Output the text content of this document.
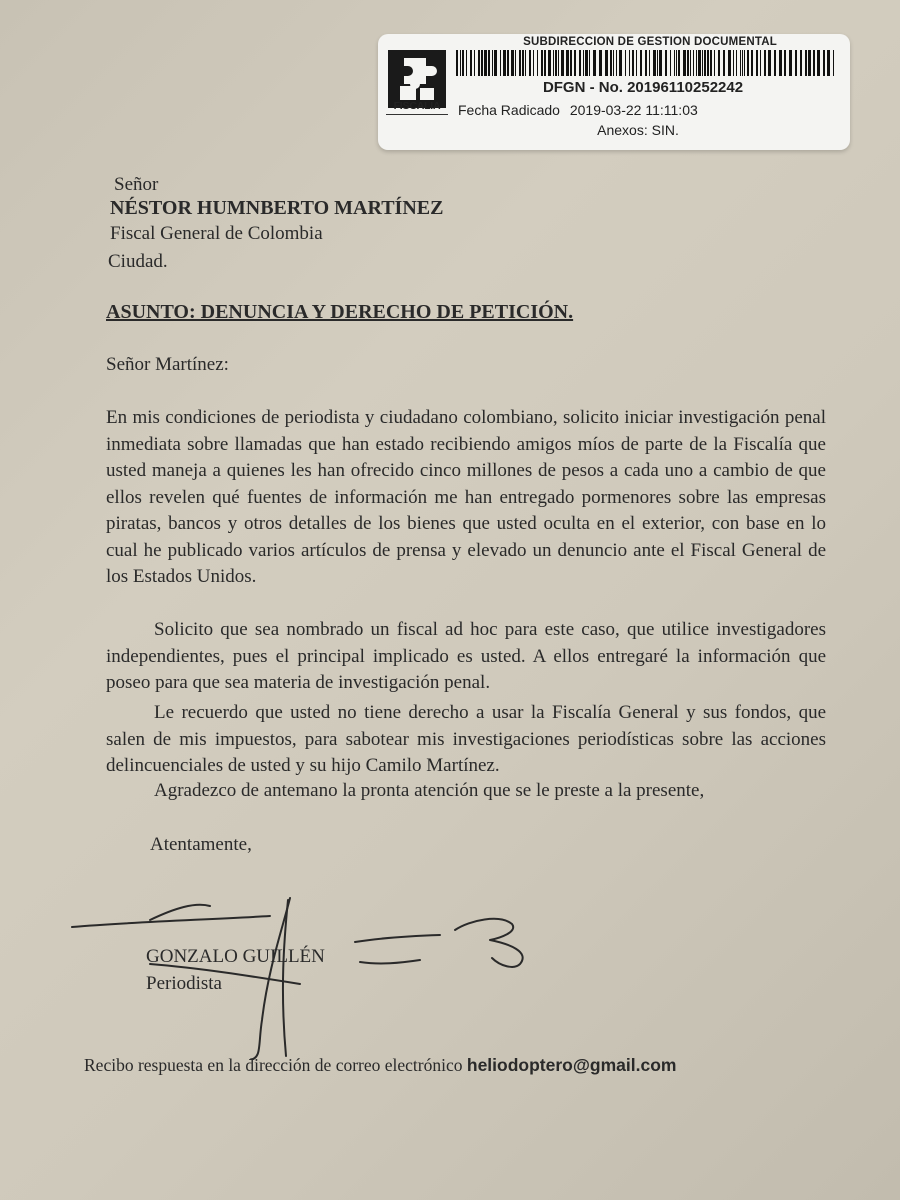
FISCALIA
SUBDIRECCION DE GESTION DOCUMENTAL
DFGN - No. 20196110252242
Fecha Radicado 2019-03-22 11:11:03
Anexos: SIN.
Señor
NÉSTOR HUMNBERTO MARTÍNEZ
Fiscal General de Colombia
Ciudad.
ASUNTO: DENUNCIA Y DERECHO DE PETICIÓN.
Señor Martínez:
En mis condiciones de periodista y ciudadano colombiano, solicito iniciar investigación penal inmediata sobre llamadas que han estado recibiendo amigos míos de parte de la Fiscalía que usted maneja a quienes les han ofrecido cinco millones de pesos a cada uno a cambio de que ellos revelen qué fuentes de información me han entregado pormenores sobre las empresas piratas, bancos y otros detalles de los bienes que usted oculta en el exterior, con base en lo cual he publicado varios artículos de prensa y elevado un denuncio ante el Fiscal General de los Estados Unidos.
Solicito que sea nombrado un fiscal ad hoc para este caso, que utilice investigadores independientes, pues el principal implicado es usted. A ellos entregaré la información que poseo para que sea materia de investigación penal.
Le recuerdo que usted no tiene derecho a usar la Fiscalía General y sus fondos, que salen de mis impuestos, para sabotear mis investigaciones periodísticas sobre las acciones delincuenciales de usted y su hijo Camilo Martínez.
Agradezco de antemano la pronta atención que se le preste a la presente,
Atentamente,
GONZALO GUILLÉN
Periodista
Recibo respuesta en la dirección de correo electrónico heliodoptero@gmail.com
